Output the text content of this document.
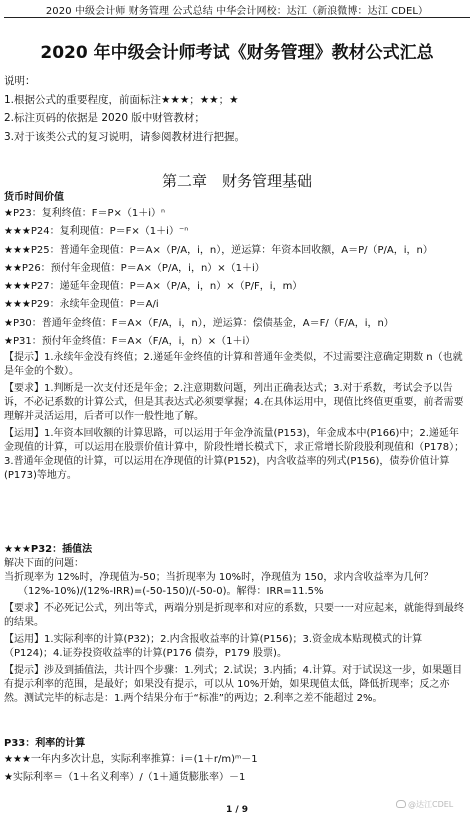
2020 中级会计师 财务管理 公式总结 中华会计网校：达江（新浪微博：达江 CDEL）
2020 年中级会计师考试《财务管理》教材公式汇总
说明：
1.根据公式的重要程度，前面标注★★★；★★；★
2.标注页码的依据是 2020 版中财管教材；
3.对于该类公式的复习说明，请参阅教材进行把握。
第二章　财务管理基础
货币时间价值
★P23：复利终值：F＝P×（1＋i）ⁿ
★★★P24：复利现值：P＝F×（1＋i）⁻ⁿ
★★★P25：普通年金现值：P＝A×（P/A，i，n），逆运算：年资本回收额，A＝P/（P/A，i，n）
★★P26：预付年金现值：P＝A×（P/A，i，n）×（1＋i）
★★★P27：递延年金现值：P＝A×（P/A，i，n）×（P/F，i，m）
★★★P29：永续年金现值：P＝A/i
★P30：普通年金终值：F＝A×（F/A，i，n），逆运算：偿债基金，A＝F/（F/A，i，n）
★P31：预付年金终值：F＝A×（F/A，i，n）×（1＋i）
【提示】1.永续年金没有终值；2.递延年金终值的计算和普通年金类似，不过需要注意确定期数 n（也就是年金的个数）。
【要求】1.判断是一次支付还是年金；2.注意期数问题，列出正确表达式；3.对于系数，考试会予以告诉，不必记系数的计算公式，但是其表达式必须要掌握；4.在具体运用中，现值比终值更重要，前者需要理解并灵活运用，后者可以作一般性地了解。
【运用】1.年资本回收额的计算思路，可以运用于年金净流量(P153)，年金成本中(P166)中；2.递延年金现值的计算，可以运用在股票价值计算中，阶段性增长模式下，求正常增长阶段股利现值和（P178）；3.普通年金现值的计算，可以运用在净现值的计算(P152)，内含收益率的列式(P156)，债券价值计算(P173)等地方。
★★★P32：插值法
解决下面的问题：
当折现率为 12%时，净现值为-50；当折现率为 10%时，净现值为 150，求内含收益率为几何？
（12%-10%)/(12%-IRR)=(-50-150)/(-50-0)。解得：IRR=11.5%
【要求】不必死记公式，列出等式，两端分别是折现率和对应的系数，只要一一对应起来，就能得到最终的结果。
【运用】1.实际利率的计算(P32)；2.内含报收益率的计算(P156)；3.资金成本贴现模式的计算（P124)；4.证券投资收益率的计算(P176 债券，P179 股票)。
【提示】涉及到插值法，共计四个步骤：1.列式；2.试误；3.内插；4.计算。对于试误这一步，如果题目有提示利率的范围，是最好；如果没有提示，可以从 10%开始，如果现值太低，降低折现率；反之亦然。测试完毕的标志是：1.两个结果分布于“标准”的两边；2.利率之差不能超过 2%。
P33：利率的计算
★★★一年内多次计息，实际利率推算：i＝(1＋r/m)ᵐ－1
★实际利率＝（1＋名义利率）/（1＋通货膨胀率）－1
1 / 9
@达江CDEL
